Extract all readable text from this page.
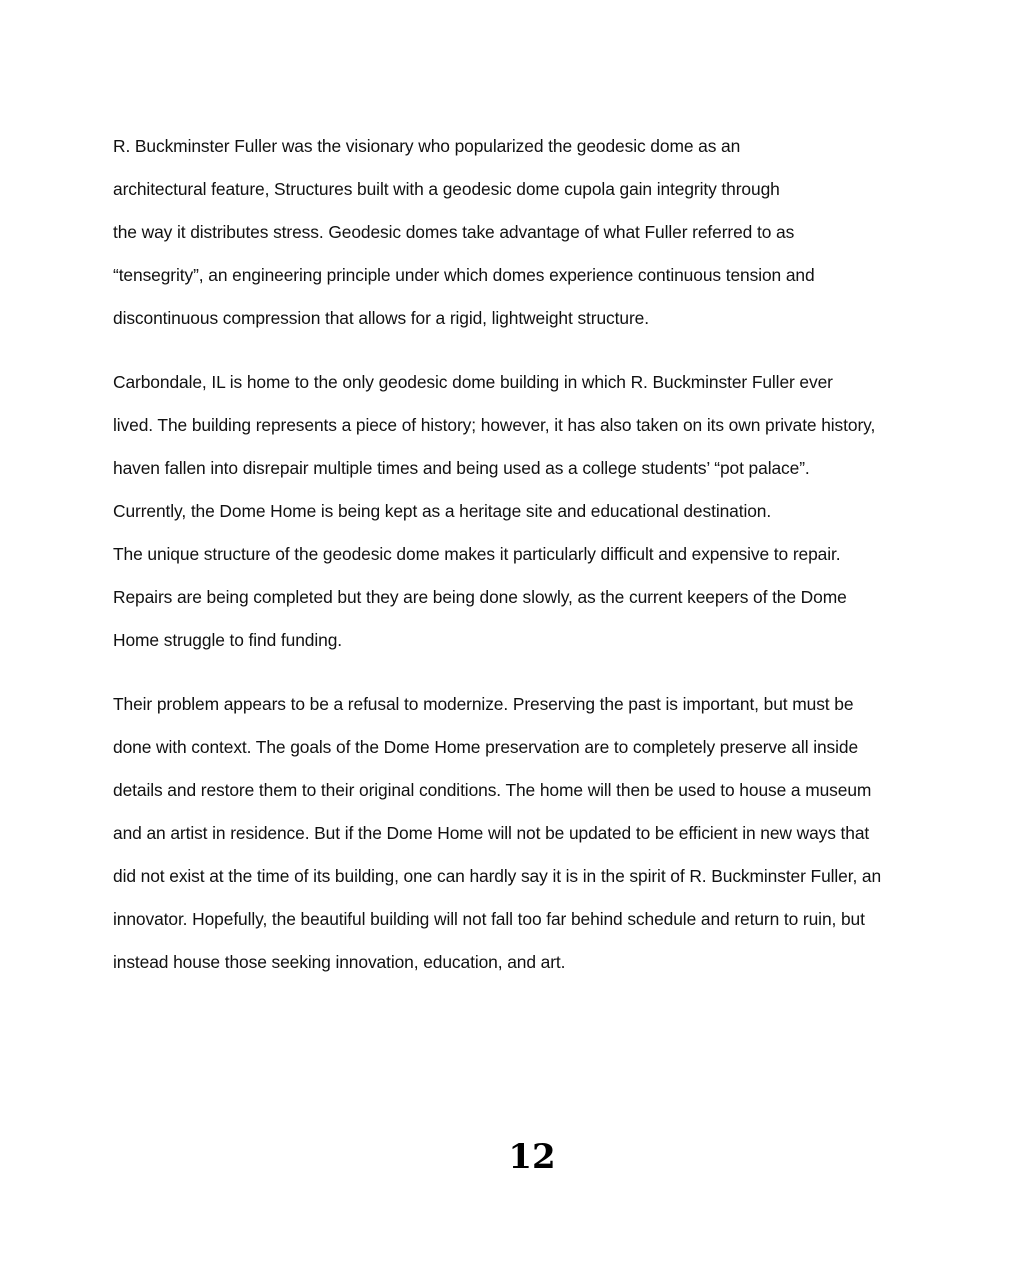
R. Buckminster Fuller was the visionary who popularized the geodesic dome as an
architectural feature, Structures built with a geodesic dome cupola gain integrity through
the way it distributes stress. Geodesic domes take advantage of what Fuller referred to as
“tensegrity”, an engineering principle under which domes experience continuous tension and
discontinuous compression that allows for a rigid, lightweight structure.

Carbondale, IL is home to the only geodesic dome building in which R. Buckminster Fuller ever
lived. The building represents a piece of history; however, it has also taken on its own private history,
haven fallen into disrepair multiple times and being used as a college students’ “pot palace”.
Currently, the Dome Home is being kept as a heritage site and educational destination.
The unique structure of the geodesic dome makes it particularly difficult and expensive to repair.
Repairs are being completed but they are being done slowly, as the current keepers of the Dome
Home struggle to find funding.

Their problem appears to be a refusal to modernize. Preserving the past is important, but must be
done with context. The goals of the Dome Home preservation are to completely preserve all inside
details and restore them to their original conditions. The home will then be used to house a museum
and an artist in residence. But if the Dome Home will not be updated to be efficient in new ways that
did not exist at the time of its building, one can hardly say it is in the spirit of R. Buckminster Fuller, an
innovator. Hopefully, the beautiful building will not fall too far behind schedule and return to ruin, but
instead house those seeking innovation, education, and art.

12
